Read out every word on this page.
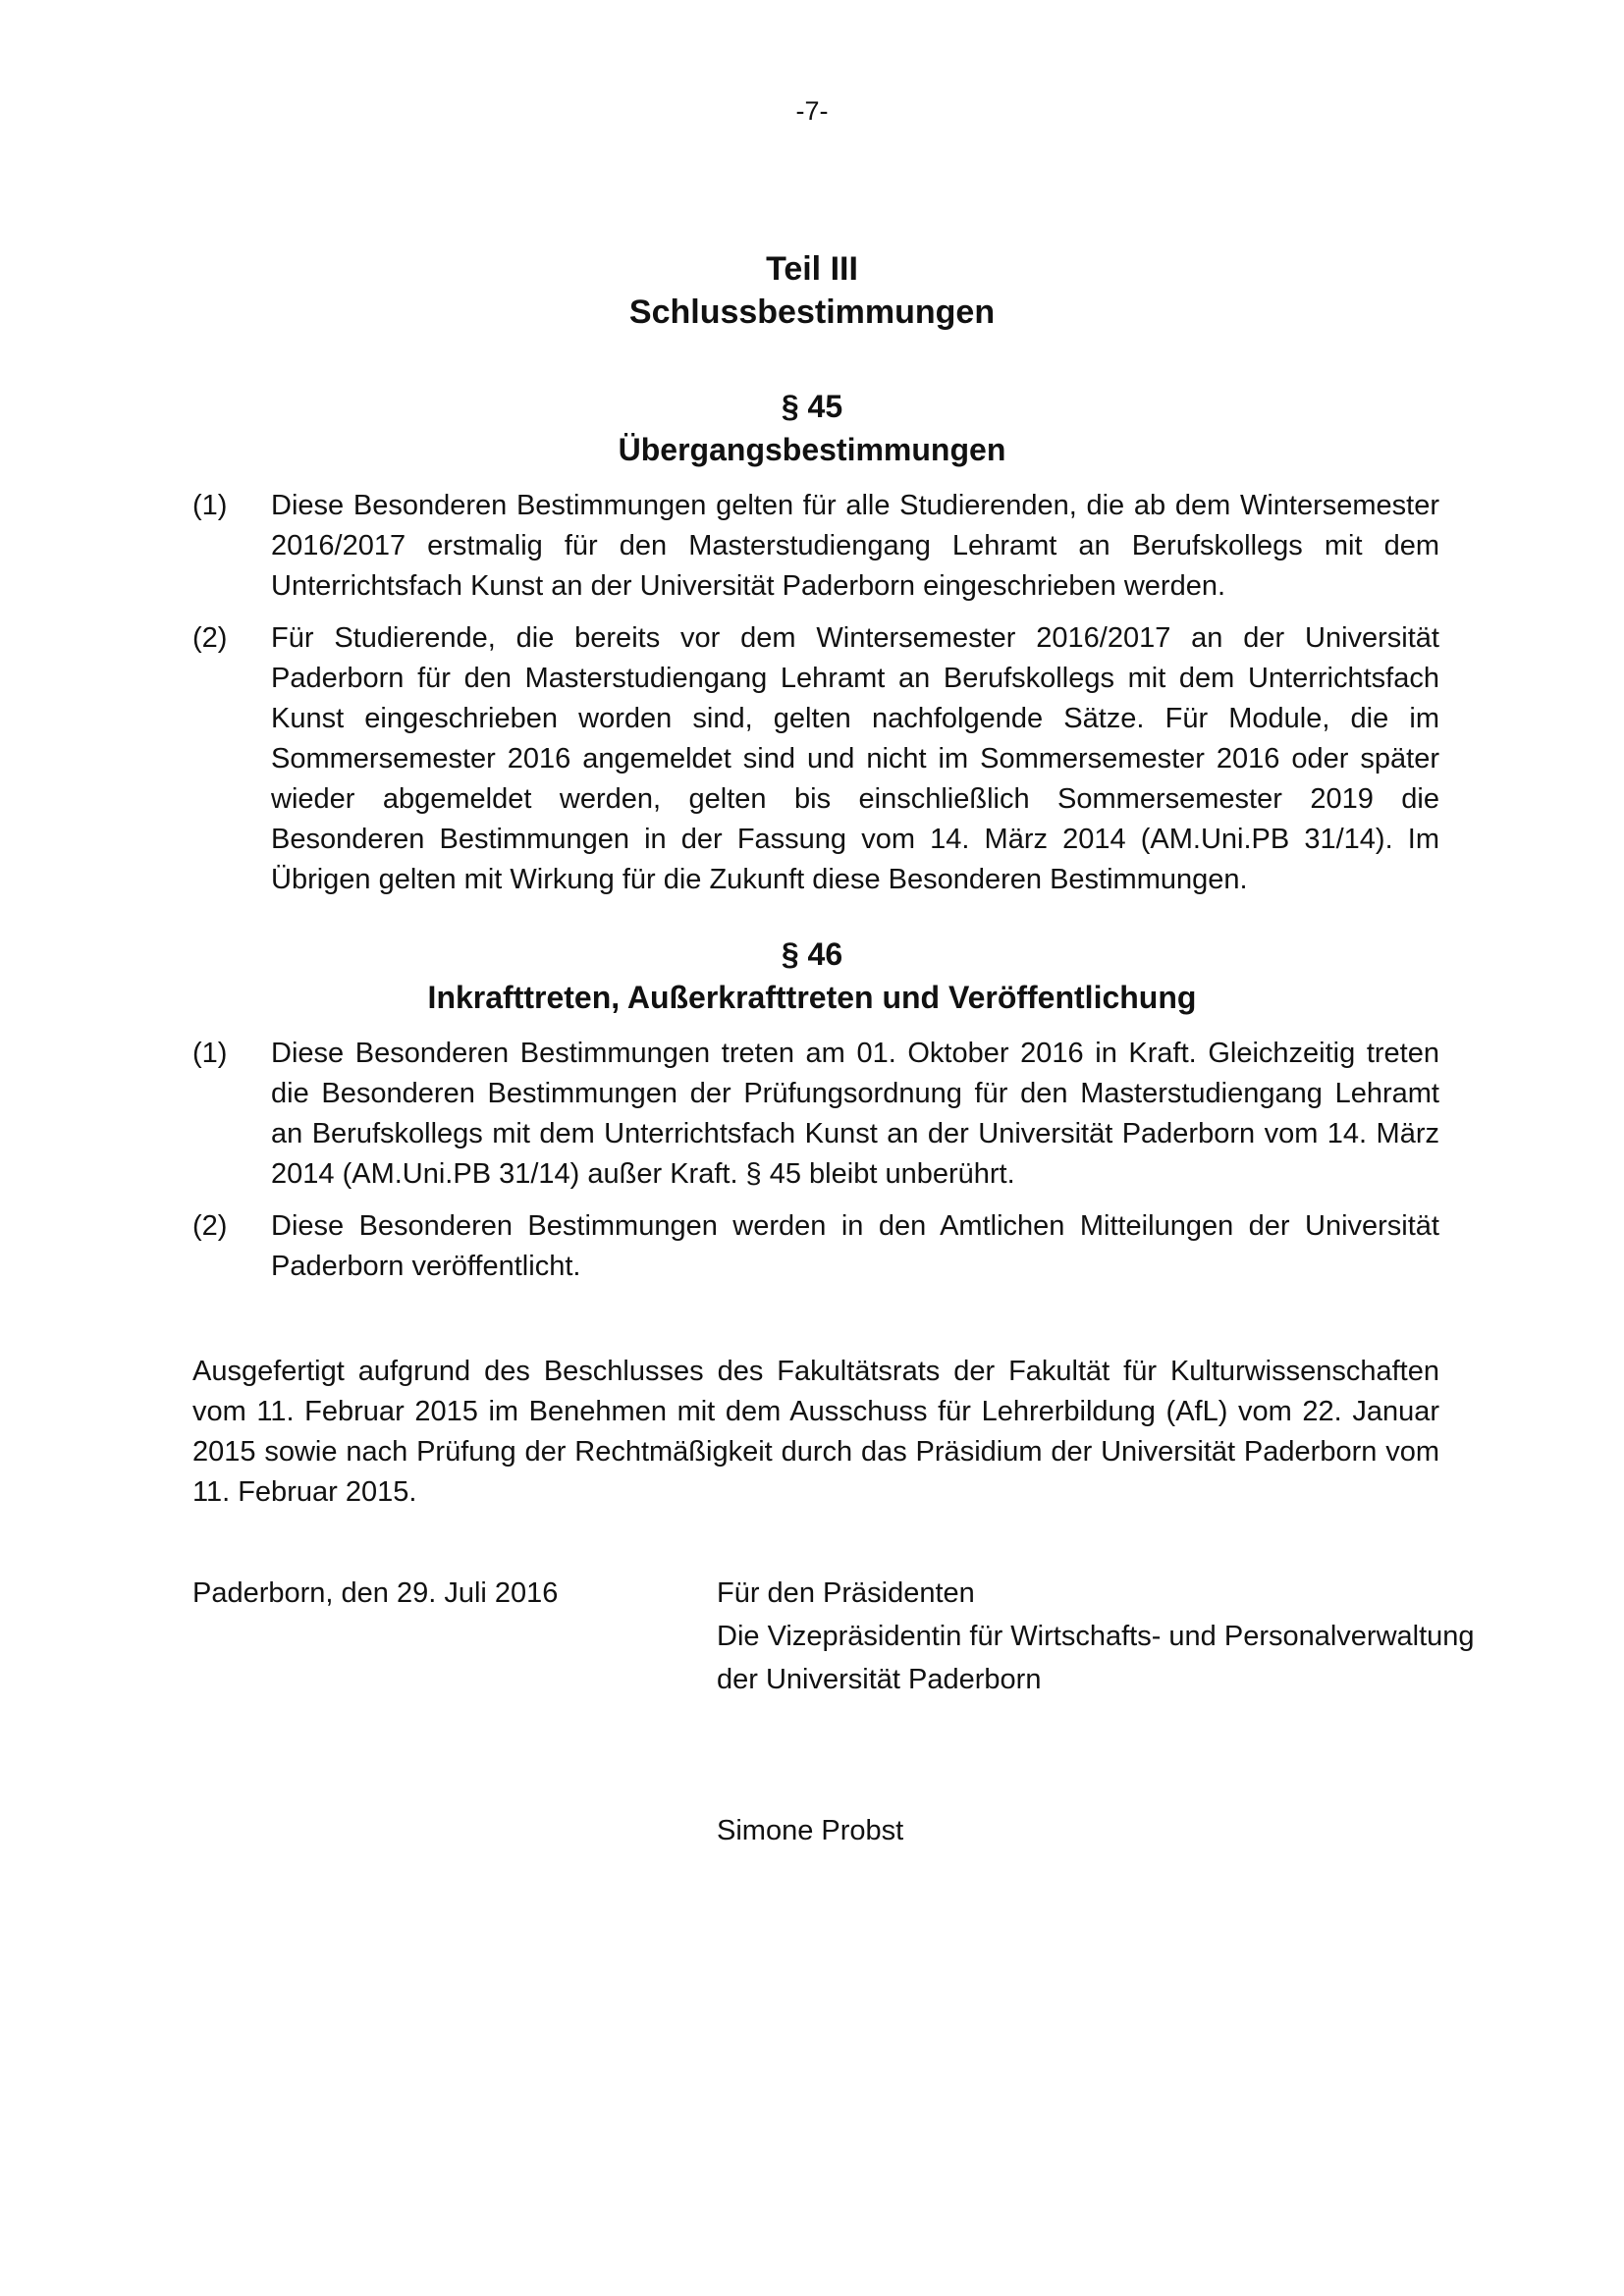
-7-
Teil III
Schlussbestimmungen
§ 45
Übergangsbestimmungen
(1)	Diese Besonderen Bestimmungen gelten für alle Studierenden, die ab dem Wintersemester 2016/2017 erstmalig für den Masterstudiengang Lehramt an Berufskollegs mit dem Unterrichtsfach Kunst an der Universität Paderborn eingeschrieben werden.
(2)	Für Studierende, die bereits vor dem Wintersemester 2016/2017 an der Universität Paderborn für den Masterstudiengang Lehramt an Berufskollegs mit dem Unterrichtsfach Kunst eingeschrieben worden sind, gelten nachfolgende Sätze. Für Module, die im Sommersemester 2016 angemeldet sind und nicht im Sommersemester 2016 oder später wieder abgemeldet werden, gelten bis einschließlich Sommersemester 2019 die Besonderen Bestimmungen in der Fassung vom 14. März 2014 (AM.Uni.PB 31/14). Im Übrigen gelten mit Wirkung für die Zukunft diese Besonderen Bestimmungen.
§ 46
Inkrafttreten, Außerkrafttreten und Veröffentlichung
(1)	Diese Besonderen Bestimmungen treten am 01. Oktober 2016 in Kraft. Gleichzeitig treten die Besonderen Bestimmungen der Prüfungsordnung für den Masterstudiengang Lehramt an Berufskollegs mit dem Unterrichtsfach Kunst an der Universität Paderborn vom 14. März 2014 (AM.Uni.PB 31/14) außer Kraft. § 45 bleibt unberührt.
(2)	Diese Besonderen Bestimmungen werden in den Amtlichen Mitteilungen der Universität Paderborn veröffentlicht.
Ausgefertigt aufgrund des Beschlusses des Fakultätsrats der Fakultät für Kulturwissenschaften vom 11. Februar 2015 im Benehmen mit dem Ausschuss für Lehrerbildung (AfL) vom 22. Januar 2015 sowie nach Prüfung der Rechtmäßigkeit durch das Präsidium der Universität Paderborn vom 11. Februar 2015.
Paderborn, den 29. Juli 2016	Für den Präsidenten
Die Vizepräsidentin für Wirtschafts- und Personalverwaltung
der Universität Paderborn
Simone Probst
